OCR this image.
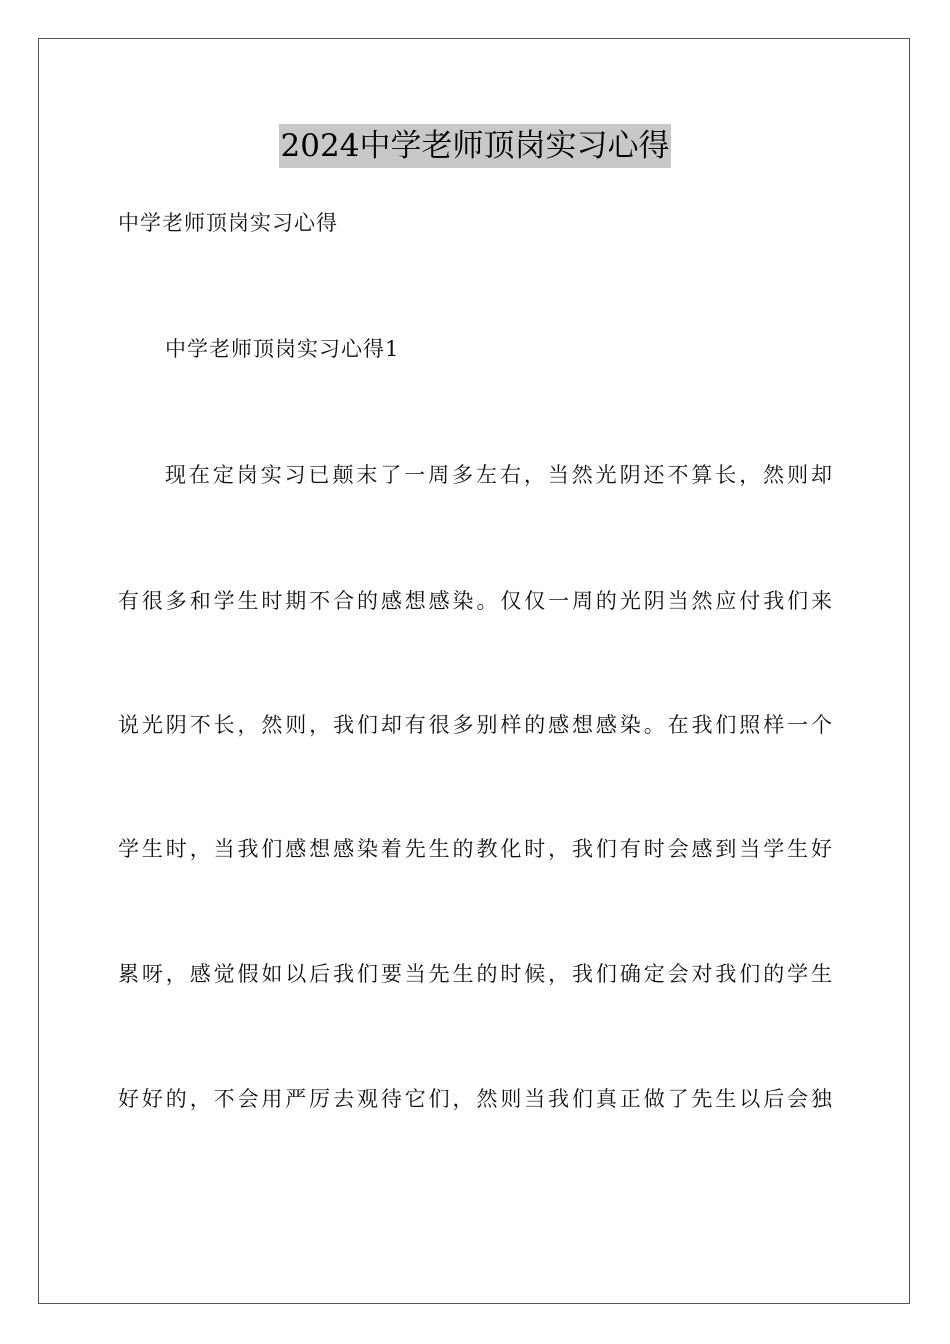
2024中学老师顶岗实习心得
中学老师顶岗实习心得
中学老师顶岗实习心得1
现在定岗实习已颠末了一周多左右，当然光阴还不算长，然则却
有很多和学生时期不合的感想感染。仅仅一周的光阴当然应付我们来
说光阴不长，然则，我们却有很多别样的感想感染。在我们照样一个
学生时，当我们感想感染着先生的教化时，我们有时会感到当学生好
累呀，感觉假如以后我们要当先生的时候，我们确定会对我们的学生
好好的，不会用严厉去观待它们，然则当我们真正做了先生以后会独
